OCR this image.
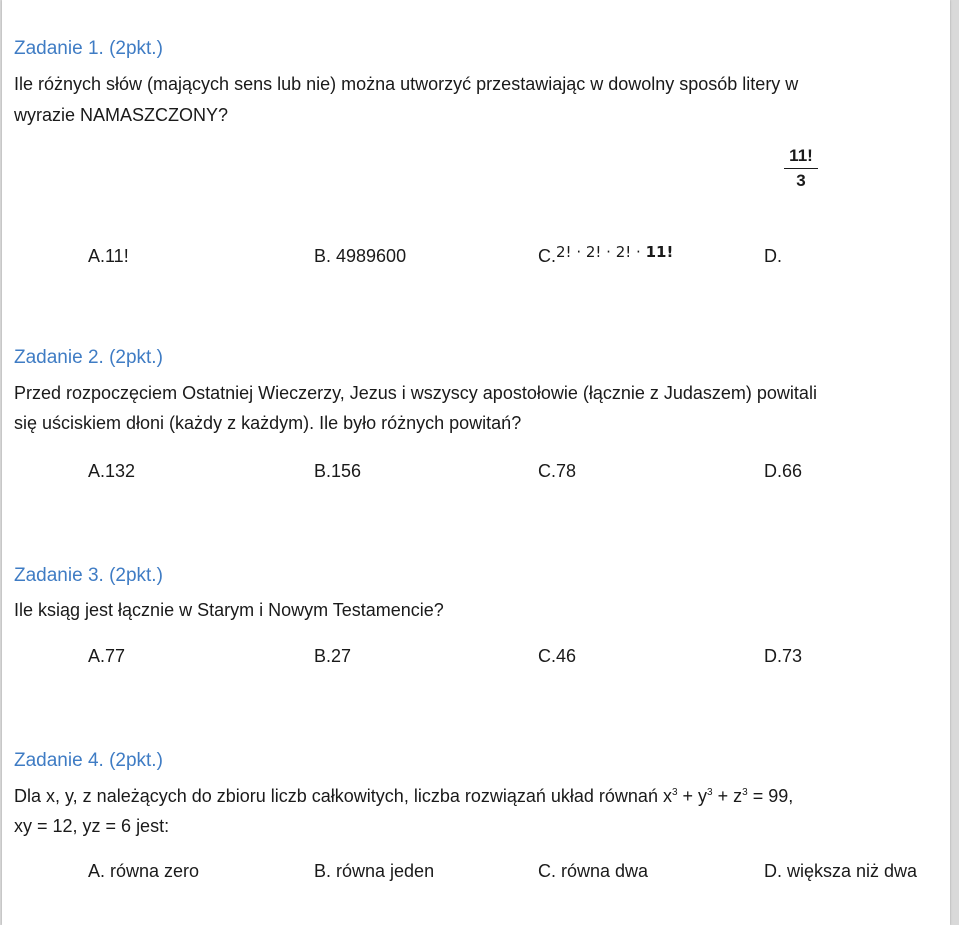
Zadanie 1. (2pkt.)
Ile różnych słów (mających sens lub nie) można utworzyć przestawiając w dowolny sposób litery w
wyrazie NAMASZCZONY?
$\frac{11!}{3}$
A.11!	B. 4989600	C.$^{2! \cdot 2! \cdot 2! \cdot 11!}$	D.
Zadanie 2. (2pkt.)
Przed rozpoczęciem Ostatniej Wieczerzy, Jezus i wszyscy apostołowie (łącznie z Judaszem) powitali
się uściskiem dłoni (każdy z każdym). Ile było różnych powitań?
A.132	B.156	C.78	D.66
Zadanie 3. (2pkt.)
Ile ksiąg jest łącznie w Starym i Nowym Testamencie?
A.77	B.27	C.46	D.73
Zadanie 4. (2pkt.)
Dla x, y, z należących do zbioru liczb całkowitych, liczba rozwiązań układ równań $x^3 + y^3 + z^3 = 99$,
xy = 12, yz = 6 jest:
A. równa zero	B. równa jeden	C. równa dwa	D. większa niż dwa
